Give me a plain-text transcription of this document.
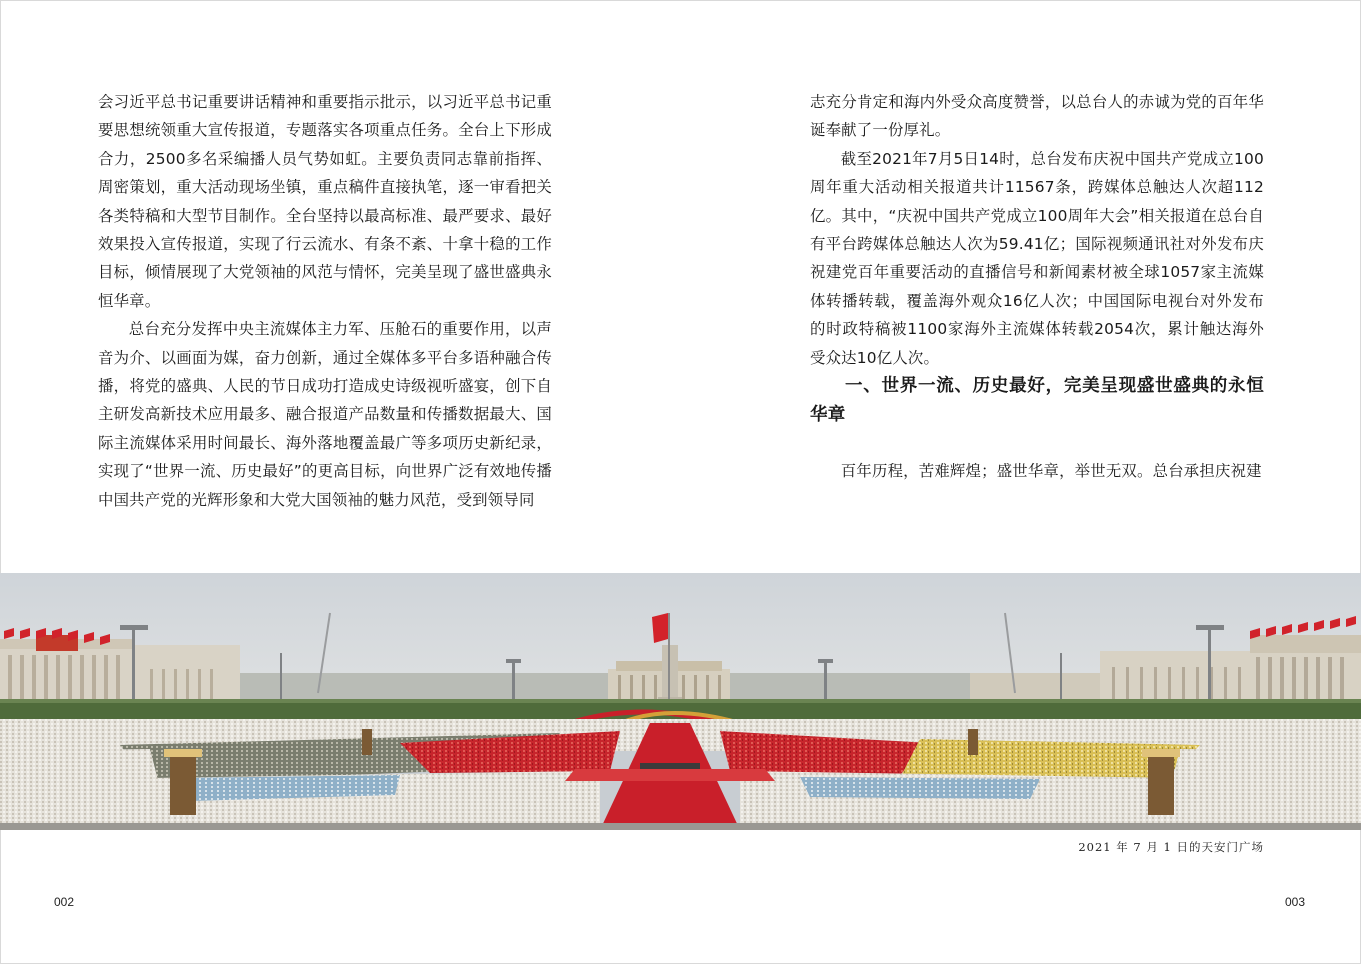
会习近平总书记重要讲话精神和重要指示批示，以习近平总书记重要思想统领重大宣传报道，专题落实各项重点任务。全台上下形成合力，2500多名采编播人员气势如虹。主要负责同志靠前指挥、周密策划，重大活动现场坐镇，重点稿件直接执笔，逐一审看把关各类特稿和大型节目制作。全台坚持以最高标准、最严要求、最好效果投入宣传报道，实现了行云流水、有条不紊、十拿十稳的工作目标，倾情展现了大党领袖的风范与情怀，完美呈现了盛世盛典永恒华章。

总台充分发挥中央主流媒体主力军、压舱石的重要作用，以声音为介、以画面为媒，奋力创新，通过全媒体多平台多语种融合传播，将党的盛典、人民的节日成功打造成史诗级视听盛宴，创下自主研发高新技术应用最多、融合报道产品数量和传播数据最大、国际主流媒体采用时间最长、海外落地覆盖最广等多项历史新纪录，实现了“世界一流、历史最好”的更高目标，向世界广泛有效地传播中国共产党的光辉形象和大党大国领袖的魅力风范，受到领导同

志充分肯定和海内外受众高度赞誉，以总台人的赤诚为党的百年华诞奉献了一份厚礼。

截至2021年7月5日14时，总台发布庆祝中国共产党成立100周年重大活动相关报道共计11567条，跨媒体总触达人次超112亿。其中，“庆祝中国共产党成立100周年大会”相关报道在总台自有平台跨媒体总触达人次为59.41亿；国际视频通讯社对外发布庆祝建党百年重要活动的直播信号和新闻素材被全球1057家主流媒体转播转载，覆盖海外观众16亿人次；中国国际电视台对外发布的时政特稿被1100家海外主流媒体转载2054次，累计触达海外受众达10亿人次。

一、世界一流、历史最好，完美呈现盛世盛典的永恒华章

百年历程，苦难辉煌；盛世华章，举世无双。总台承担庆祝建

2021 年 7 月 1 日的天安门广场
002	003
